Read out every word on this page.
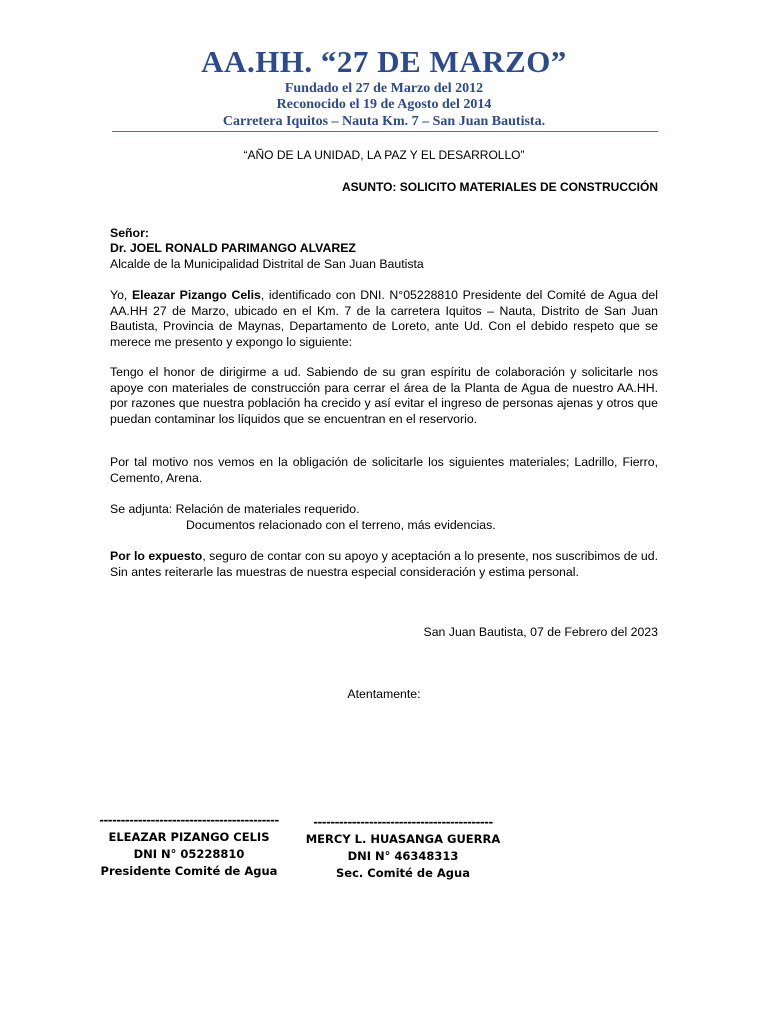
AA.HH. “27 DE MARZO”
Fundado el 27 de Marzo del 2012
Reconocido el 19 de Agosto del 2014
Carretera Iquitos – Nauta Km. 7 – San Juan Bautista.
“AÑO DE LA UNIDAD, LA PAZ Y EL DESARROLLO”
ASUNTO: SOLICITO MATERIALES DE CONSTRUCCIÓN

Señor:

Dr. JOEL RONALD PARIMANGO ALVAREZ

Alcalde de la Municipalidad Distrital de San Juan Bautista

Yo, Eleazar Pizango Celis, identificado con DNI. N°05228810 Presidente del Comité de Agua del AA.HH 27 de Marzo, ubicado en el Km. 7 de la carretera Iquitos – Nauta, Distrito de San Juan Bautista, Provincia de Maynas, Departamento de Loreto, ante Ud. Con el debido respeto que se merece me presento y expongo lo siguiente:

Tengo el honor de dirigirme a ud. Sabiendo de su gran espíritu de colaboración y solicitarle nos apoye con materiales de construcción para cerrar el área de la Planta de Agua de nuestro AA.HH. por razones que nuestra población ha crecido y así evitar el ingreso de personas ajenas y otros que puedan contaminar los líquidos que se encuentran en el reservorio.

Por tal motivo nos vemos en la obligación de solicitarle los siguientes materiales; Ladrillo, Fierro, Cemento, Arena.

Se adjunta: Relación de materiales requerido.
Documentos relacionado con el terreno, más evidencias.

Por lo expuesto, seguro de contar con su apoyo y aceptación a lo presente, nos suscribimos de ud. Sin antes reiterarle las muestras de nuestra especial consideración y estima personal.

San Juan Bautista, 07 de Febrero del 2023
Atentamente:
------------------------------------------
ELEAZAR PIZANGO CELIS
DNI N° 05228810
Presidente Comité de Agua
------------------------------------------
MERCY L. HUASANGA GUERRA
DNI N° 46348313
Sec. Comité de Agua
